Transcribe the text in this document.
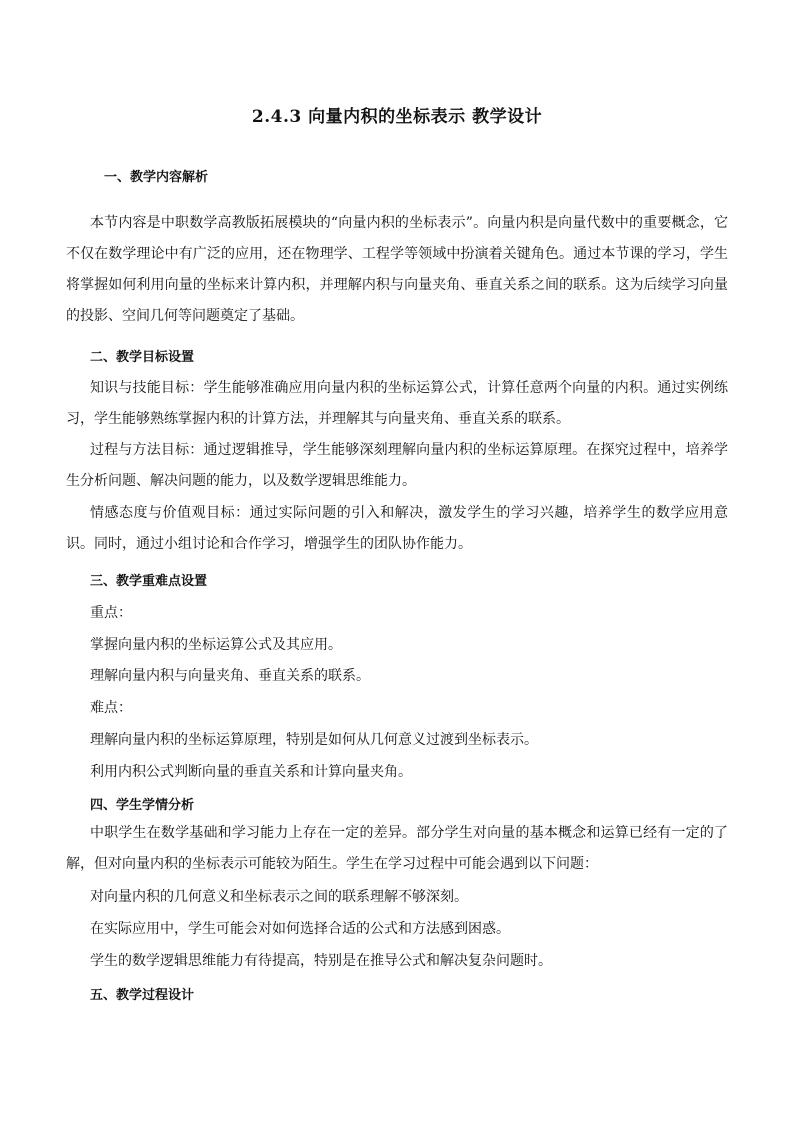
2.4.3 向量内积的坐标表示 教学设计
一、教学内容解析
本节内容是中职数学高教版拓展模块的“向量内积的坐标表示”。向量内积是向量代数中的重要概念，它不仅在数学理论中有广泛的应用，还在物理学、工程学等领域中扮演着关键角色。通过本节课的学习，学生将掌握如何利用向量的坐标来计算内积，并理解内积与向量夹角、垂直关系之间的联系。这为后续学习向量的投影、空间几何等问题奠定了基础。
二、教学目标设置
知识与技能目标：学生能够准确应用向量内积的坐标运算公式，计算任意两个向量的内积。通过实例练习，学生能够熟练掌握内积的计算方法，并理解其与向量夹角、垂直关系的联系。
过程与方法目标：通过逻辑推导，学生能够深刻理解向量内积的坐标运算原理。在探究过程中，培养学生分析问题、解决问题的能力，以及数学逻辑思维能力。
情感态度与价值观目标：通过实际问题的引入和解决，激发学生的学习兴趣，培养学生的数学应用意识。同时，通过小组讨论和合作学习，增强学生的团队协作能力。
三、教学重难点设置
重点：
掌握向量内积的坐标运算公式及其应用。
理解向量内积与向量夹角、垂直关系的联系。
难点：
理解向量内积的坐标运算原理，特别是如何从几何意义过渡到坐标表示。
利用内积公式判断向量的垂直关系和计算向量夹角。
四、学生学情分析
中职学生在数学基础和学习能力上存在一定的差异。部分学生对向量的基本概念和运算已经有一定的了解，但对向量内积的坐标表示可能较为陌生。学生在学习过程中可能会遇到以下问题：
对向量内积的几何意义和坐标表示之间的联系理解不够深刻。
在实际应用中，学生可能会对如何选择合适的公式和方法感到困惑。
学生的数学逻辑思维能力有待提高，特别是在推导公式和解决复杂问题时。
五、教学过程设计
